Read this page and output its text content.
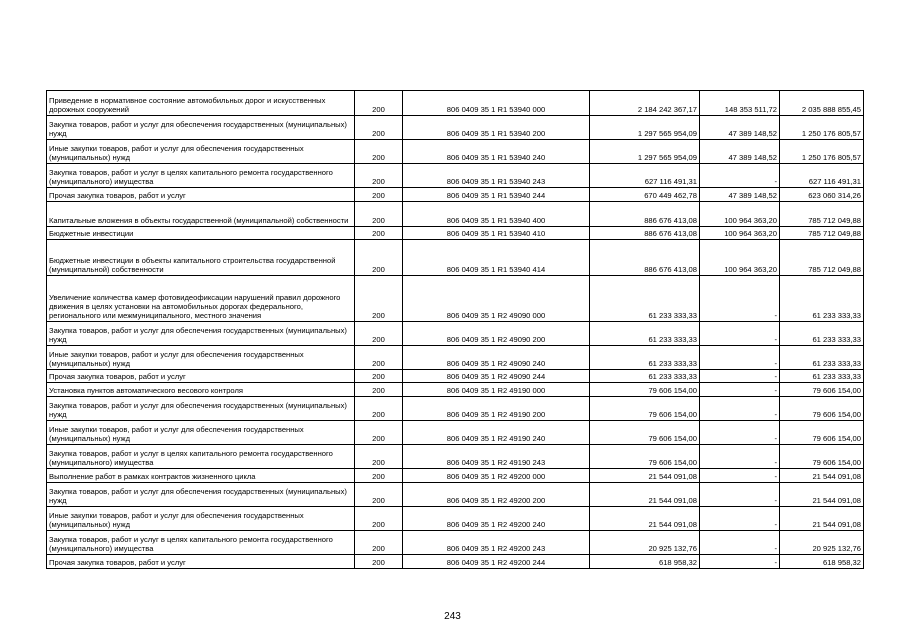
Приведение в нормативное состояние автомобильных дорог и искусственных дорожных сооружений	200	806 0409 35 1 R1 53940 000	2 184 242 367,17	148 353 511,72	2 035 888 855,45
Закупка товаров, работ и услуг для обеспечения государственных (муниципальных) нужд	200	806 0409 35 1 R1 53940 200	1 297 565 954,09	47 389 148,52	1 250 176 805,57
Иные закупки товаров, работ и услуг для обеспечения государственных (муниципальных) нужд	200	806 0409 35 1 R1 53940 240	1 297 565 954,09	47 389 148,52	1 250 176 805,57
Закупка товаров, работ и услуг в целях капитального ремонта государственного (муниципального) имущества	200	806 0409 35 1 R1 53940 243	627 116 491,31	-	627 116 491,31
Прочая закупка товаров, работ и услуг	200	806 0409 35 1 R1 53940 244	670 449 462,78	47 389 148,52	623 060 314,26
Капитальные вложения в объекты государственной (муниципальной) собственности	200	806 0409 35 1 R1 53940 400	886 676 413,08	100 964 363,20	785 712 049,88
Бюджетные инвестиции	200	806 0409 35 1 R1 53940 410	886 676 413,08	100 964 363,20	785 712 049,88
Бюджетные инвестиции в объекты капитального строительства государственной (муниципальной) собственности	200	806 0409 35 1 R1 53940 414	886 676 413,08	100 964 363,20	785 712 049,88
Увеличение количества камер фотовидеофиксации нарушений правил дорожного движения в целях установки на автомобильных дорогах федерального, регионального или межмуниципального, местного значения	200	806 0409 35 1 R2 49090 000	61 233 333,33	-	61 233 333,33
Закупка товаров, работ и услуг для обеспечения государственных (муниципальных) нужд	200	806 0409 35 1 R2 49090 200	61 233 333,33	-	61 233 333,33
Иные закупки товаров, работ и услуг для обеспечения государственных (муниципальных) нужд	200	806 0409 35 1 R2 49090 240	61 233 333,33	-	61 233 333,33
Прочая закупка товаров, работ и услуг	200	806 0409 35 1 R2 49090 244	61 233 333,33	-	61 233 333,33
Установка пунктов автоматического весового контроля	200	806 0409 35 1 R2 49190 000	79 606 154,00	-	79 606 154,00
Закупка товаров, работ и услуг для обеспечения государственных (муниципальных) нужд	200	806 0409 35 1 R2 49190 200	79 606 154,00	-	79 606 154,00
Иные закупки товаров, работ и услуг для обеспечения государственных (муниципальных) нужд	200	806 0409 35 1 R2 49190 240	79 606 154,00	-	79 606 154,00
Закупка товаров, работ и услуг в целях капитального ремонта государственного (муниципального) имущества	200	806 0409 35 1 R2 49190 243	79 606 154,00	-	79 606 154,00
Выполнение работ в рамках контрактов жизненного цикла	200	806 0409 35 1 R2 49200 000	21 544 091,08	-	21 544 091,08
Закупка товаров, работ и услуг для обеспечения государственных (муниципальных) нужд	200	806 0409 35 1 R2 49200 200	21 544 091,08	-	21 544 091,08
Иные закупки товаров, работ и услуг для обеспечения государственных (муниципальных) нужд	200	806 0409 35 1 R2 49200 240	21 544 091,08	-	21 544 091,08
Закупка товаров, работ и услуг в целях капитального ремонта государственного (муниципального) имущества	200	806 0409 35 1 R2 49200 243	20 925 132,76	-	20 925 132,76
Прочая закупка товаров, работ и услуг	200	806 0409 35 1 R2 49200 244	618 958,32	-	618 958,32
243
